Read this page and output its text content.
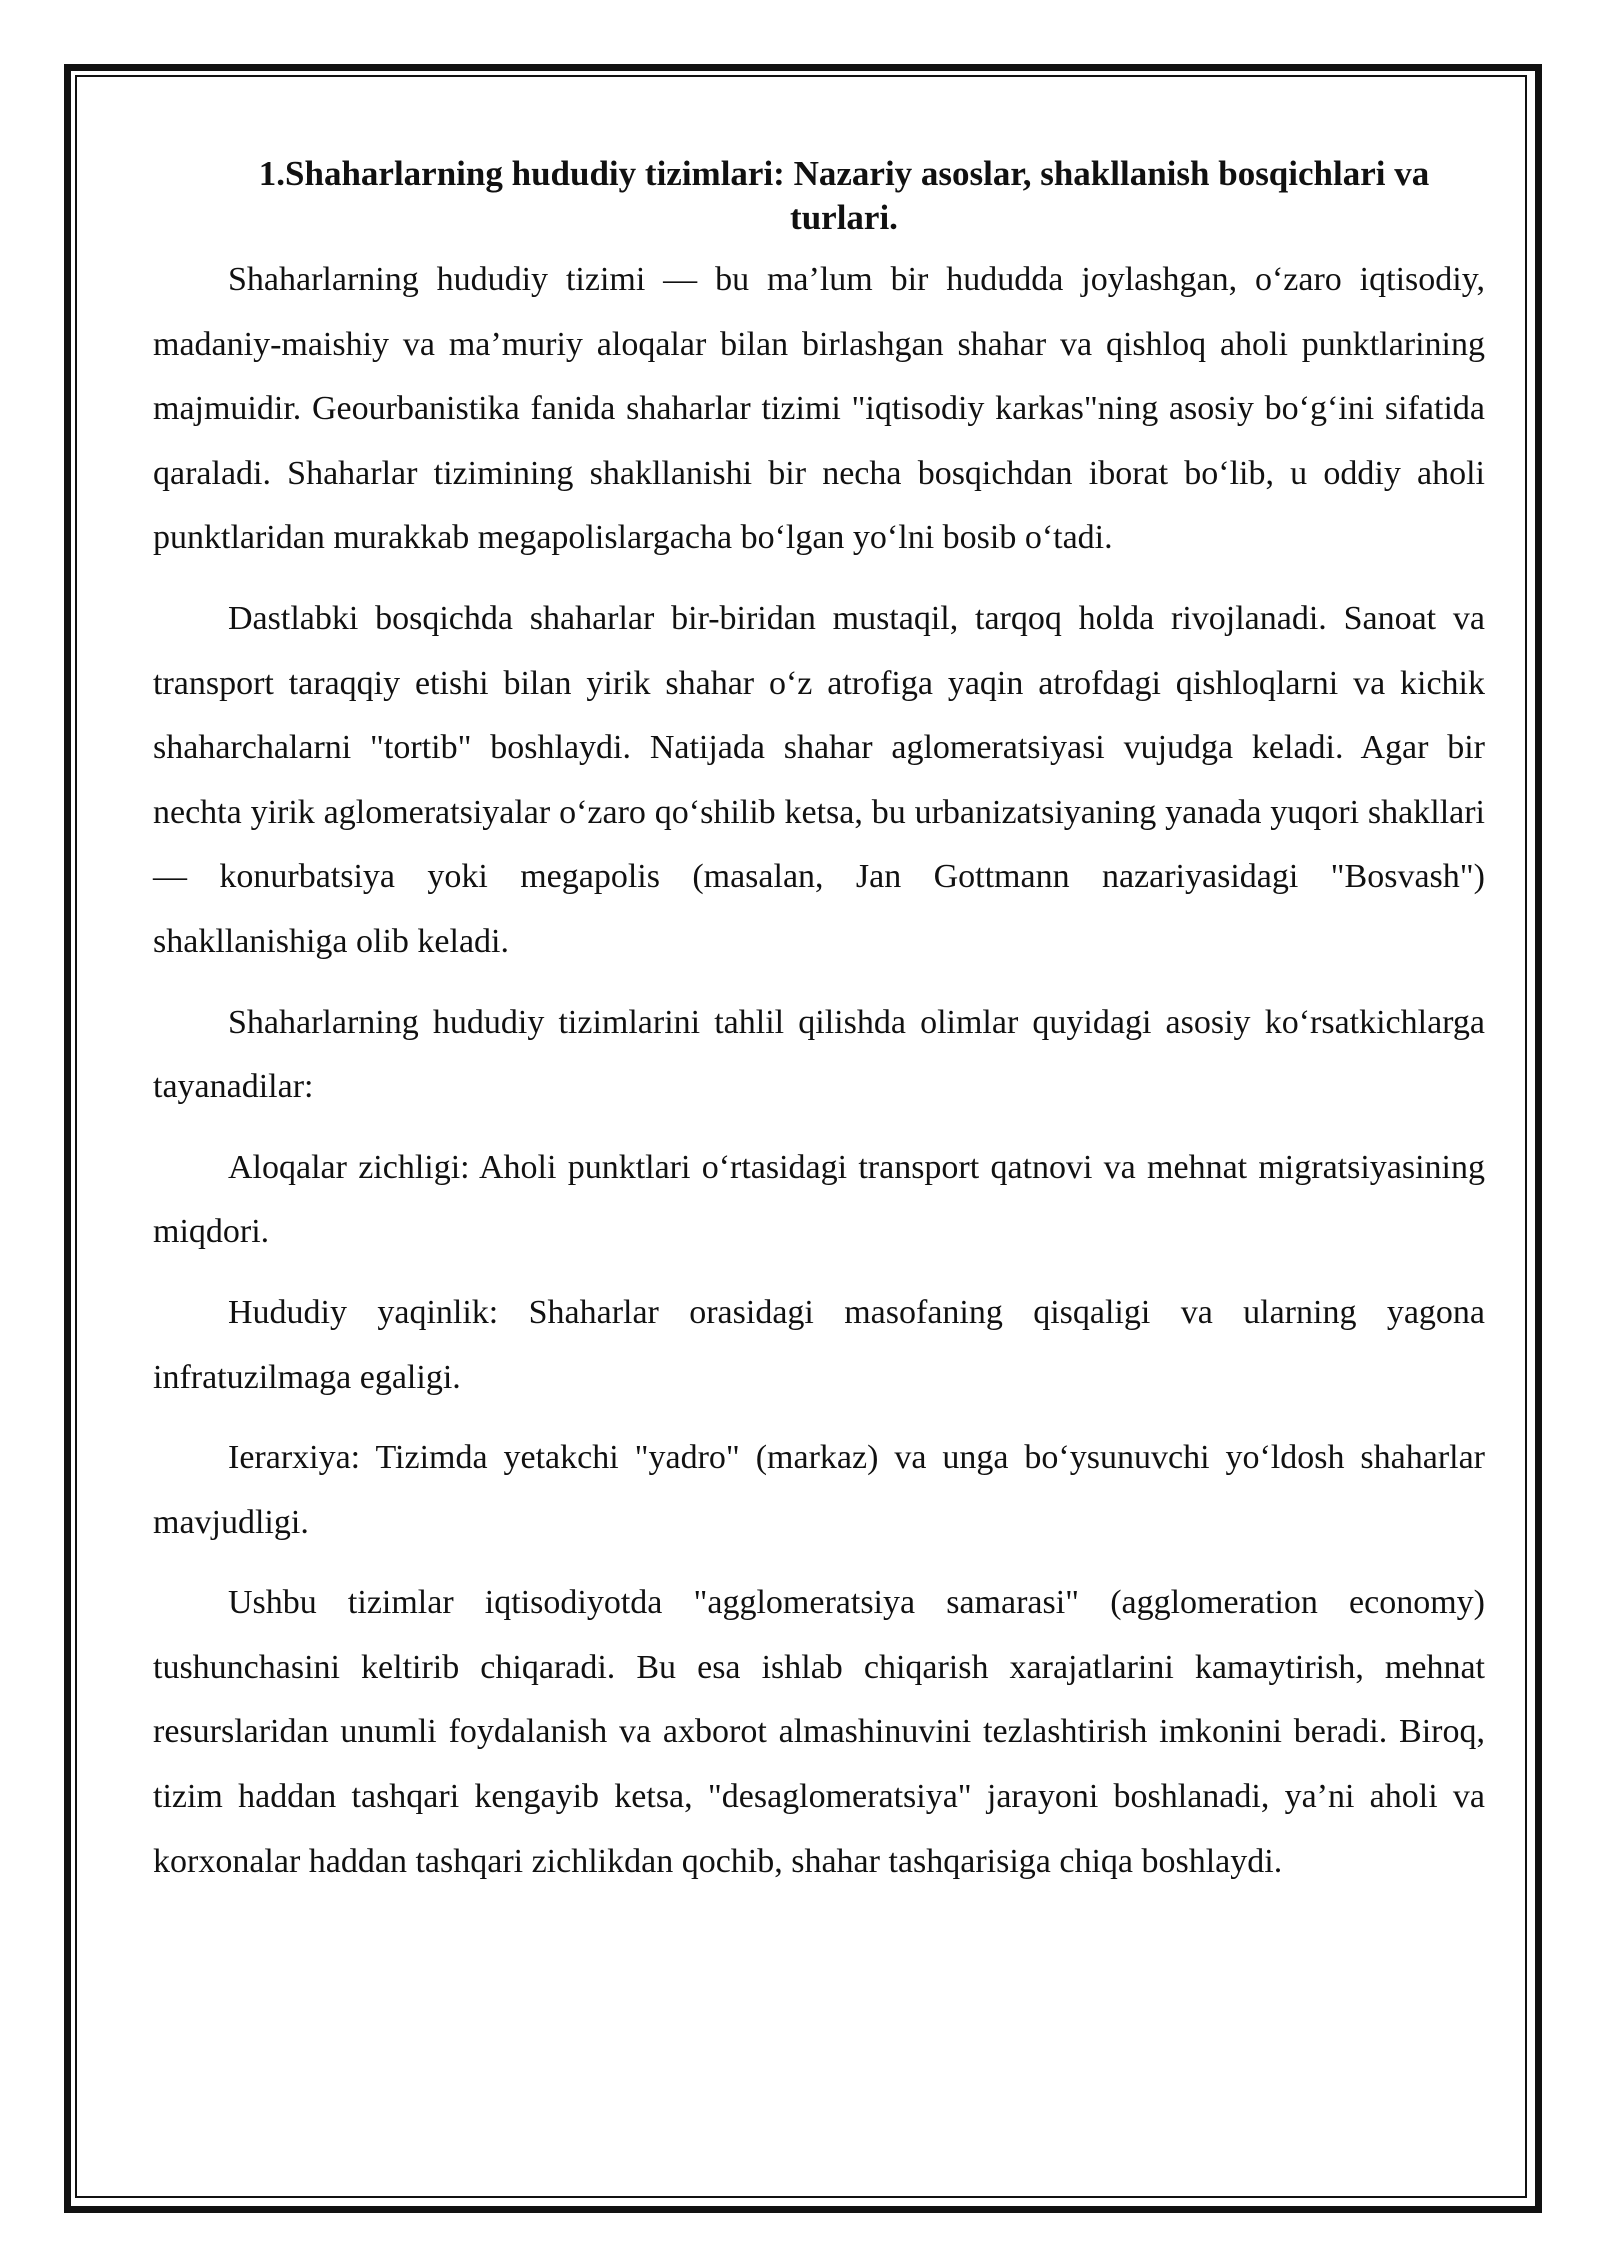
1.Shaharlarning hududiy tizimlari: Nazariy asoslar, shakllanish bosqichlari va turlari.

Shaharlarning hududiy tizimi — bu ma’lum bir hududda joylashgan, o‘zaro iqtisodiy, madaniy-maishiy va ma’muriy aloqalar bilan birlashgan shahar va qishloq aholi punktlarining majmuidir. Geourbanistika fanida shaharlar tizimi "iqtisodiy karkas"ning asosiy bo‘g‘ini sifatida qaraladi. Shaharlar tizimining shakllanishi bir necha bosqichdan iborat bo‘lib, u oddiy aholi punktlaridan murakkab megapolislargacha bo‘lgan yo‘lni bosib o‘tadi.

Dastlabki bosqichda shaharlar bir-biridan mustaqil, tarqoq holda rivojlanadi. Sanoat va transport taraqqiy etishi bilan yirik shahar o‘z atrofiga yaqin atrofdagi qishloqlarni va kichik shaharchalarni "tortib" boshlaydi. Natijada shahar aglomeratsiyasi vujudga keladi. Agar bir nechta yirik aglomeratsiyalar o‘zaro qo‘shilib ketsa, bu urbanizatsiyaning yanada yuqori shakllari — konurbatsiya yoki megapolis (masalan, Jan Gottmann nazariyasidagi "Bosvash") shakllanishiga olib keladi.

Shaharlarning hududiy tizimlarini tahlil qilishda olimlar quyidagi asosiy ko‘rsatkichlarga tayanadilar:

Aloqalar zichligi: Aholi punktlari o‘rtasidagi transport qatnovi va mehnat migratsiyasining miqdori.

Hududiy yaqinlik: Shaharlar orasidagi masofaning qisqaligi va ularning yagona infratuzilmaga egaligi.

Ierarxiya: Tizimda yetakchi "yadro" (markaz) va unga bo‘ysunuvchi yo‘ldosh shaharlar mavjudligi.

Ushbu tizimlar iqtisodiyotda "agglomeratsiya samarasi" (agglomeration economy) tushunchasini keltirib chiqaradi. Bu esa ishlab chiqarish xarajatlarini kamaytirish, mehnat resurslaridan unumli foydalanish va axborot almashinuvini tezlashtirish imkonini beradi. Biroq, tizim haddan tashqari kengayib ketsa, "desaglomeratsiya" jarayoni boshlanadi, ya’ni aholi va korxonalar haddan tashqari zichlikdan qochib, shahar tashqarisiga chiqa boshlaydi.
